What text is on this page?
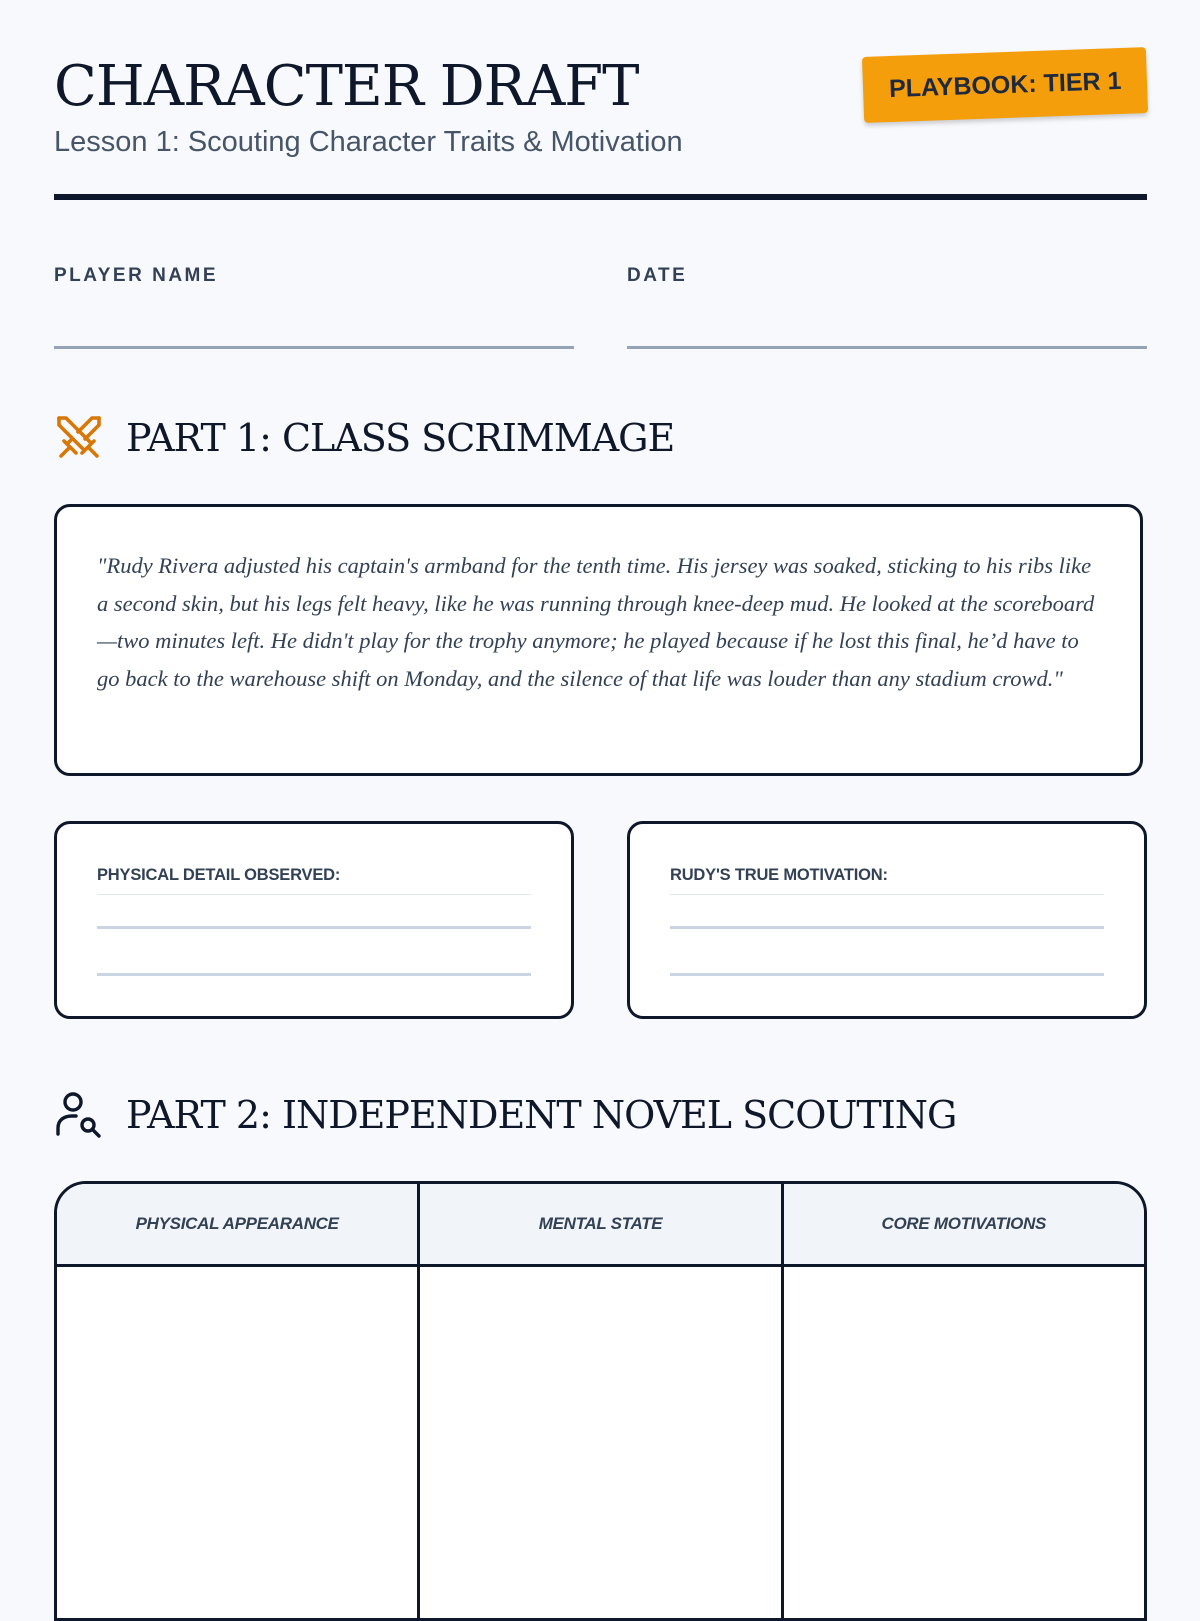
CHARACTER DRAFT
Lesson 1: Scouting Character Traits & Motivation
PLAYBOOK: TIER 1
PLAYER NAME	DATE
PART 1: CLASS SCRIMMAGE

"Rudy Rivera adjusted his captain's armband for the tenth time. His jersey was soaked, sticking to his ribs like a second skin, but his legs felt heavy, like he was running through knee-deep mud. He looked at the scoreboard—two minutes left. He didn't play for the trophy anymore; he played because if he lost this final, he’d have to go back to the warehouse shift on Monday, and the silence of that life was louder than any stadium crowd."

PHYSICAL DETAIL OBSERVED:	RUDY'S TRUE MOTIVATION:
PART 2: INDEPENDENT NOVEL SCOUTING
PHYSICAL APPEARANCE	MENTAL STATE	CORE MOTIVATIONS
